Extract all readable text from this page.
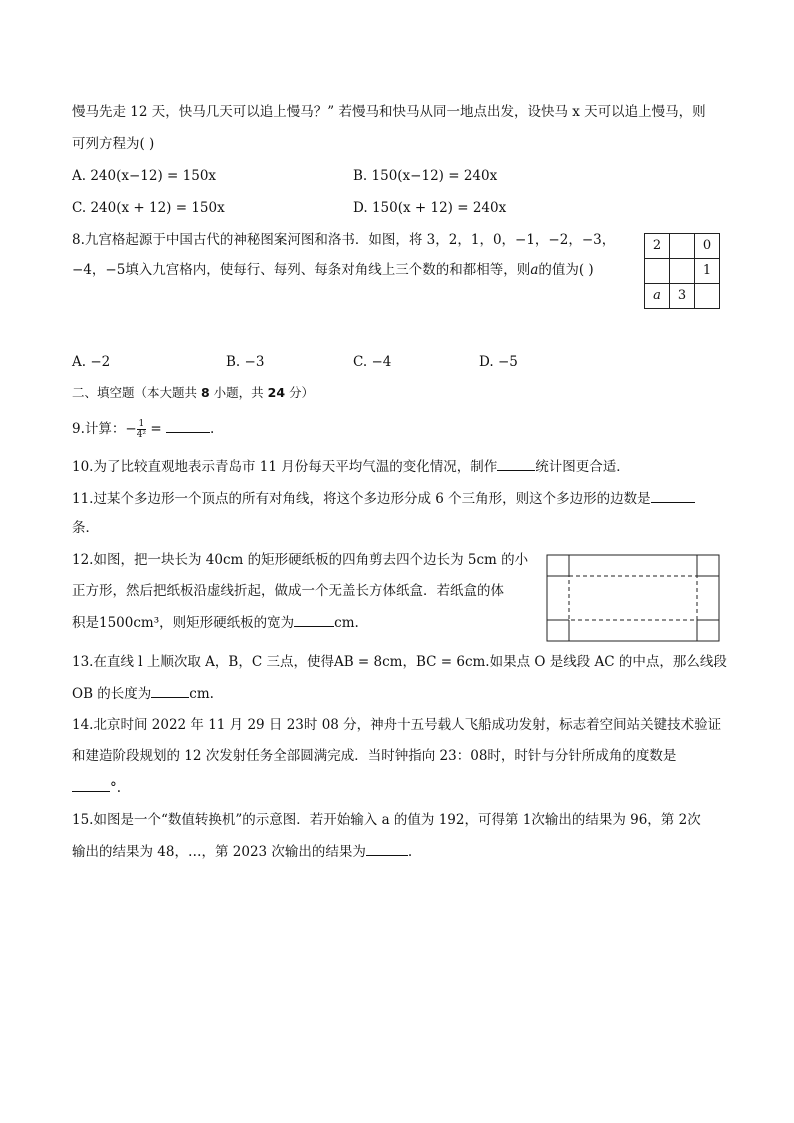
慢马先走 12 天，快马几天可以追上慢马？” 若慢马和快马从同一地点出发，设快马 x 天可以追上慢马，则
可列方程为( )
A. 240(x−12) = 150x	B. 150(x−12) = 240x
C. 240(x + 12) = 150x	D. 150(x + 12) = 240x
8.九宫格起源于中国古代的神秘图案河图和洛书．如图，将 3，2，1，0，−1，−2，−3，
−4，−5填入九宫格内，使每行、每列、每条对角线上三个数的和都相等，则a的值为( )
2		0
		1
a	3	
A. −2	B. −3	C. −4	D. −5
二、填空题（本大题共 8 小题，共 24 分）
9.计算：− $\frac{1}{\text{4²}}$ =	.
10.为了比较直观地表示青岛市 11 月份每天平均气温的变化情况，制作	统计图更合适．
11.过某个多边形一个顶点的所有对角线，将这个多边形分成 6 个三角形，则这个多边形的边数是
条．
12.如图，把一块长为 40cm 的矩形硬纸板的四角剪去四个边长为 5cm 的小
正方形，然后把纸板沿虚线折起，做成一个无盖长方体纸盒．若纸盒的体
积是1500cm³，则矩形硬纸板的宽为	cm.
13.在直线 l 上顺次取 A，B，C 三点，使得AB = 8cm，BC = 6cm.如果点 O 是线段 AC 的中点，那么线段
OB 的长度为	cm.
14.北京时间 2022 年 11 月 29 日 23时 08 分，神舟十五号载人飞船成功发射，标志着空间站关键技术验证
和建造阶段规划的 12 次发射任务全部圆满完成．当时钟指向 23：08时，时针与分针所成角的度数是
°.
15.如图是一个“数值转换机”的示意图．若开始输入 a 的值为 192，可得第 1次输出的结果为 96，第 2次
输出的结果为 48，…，第 2023 次输出的结果为	.
